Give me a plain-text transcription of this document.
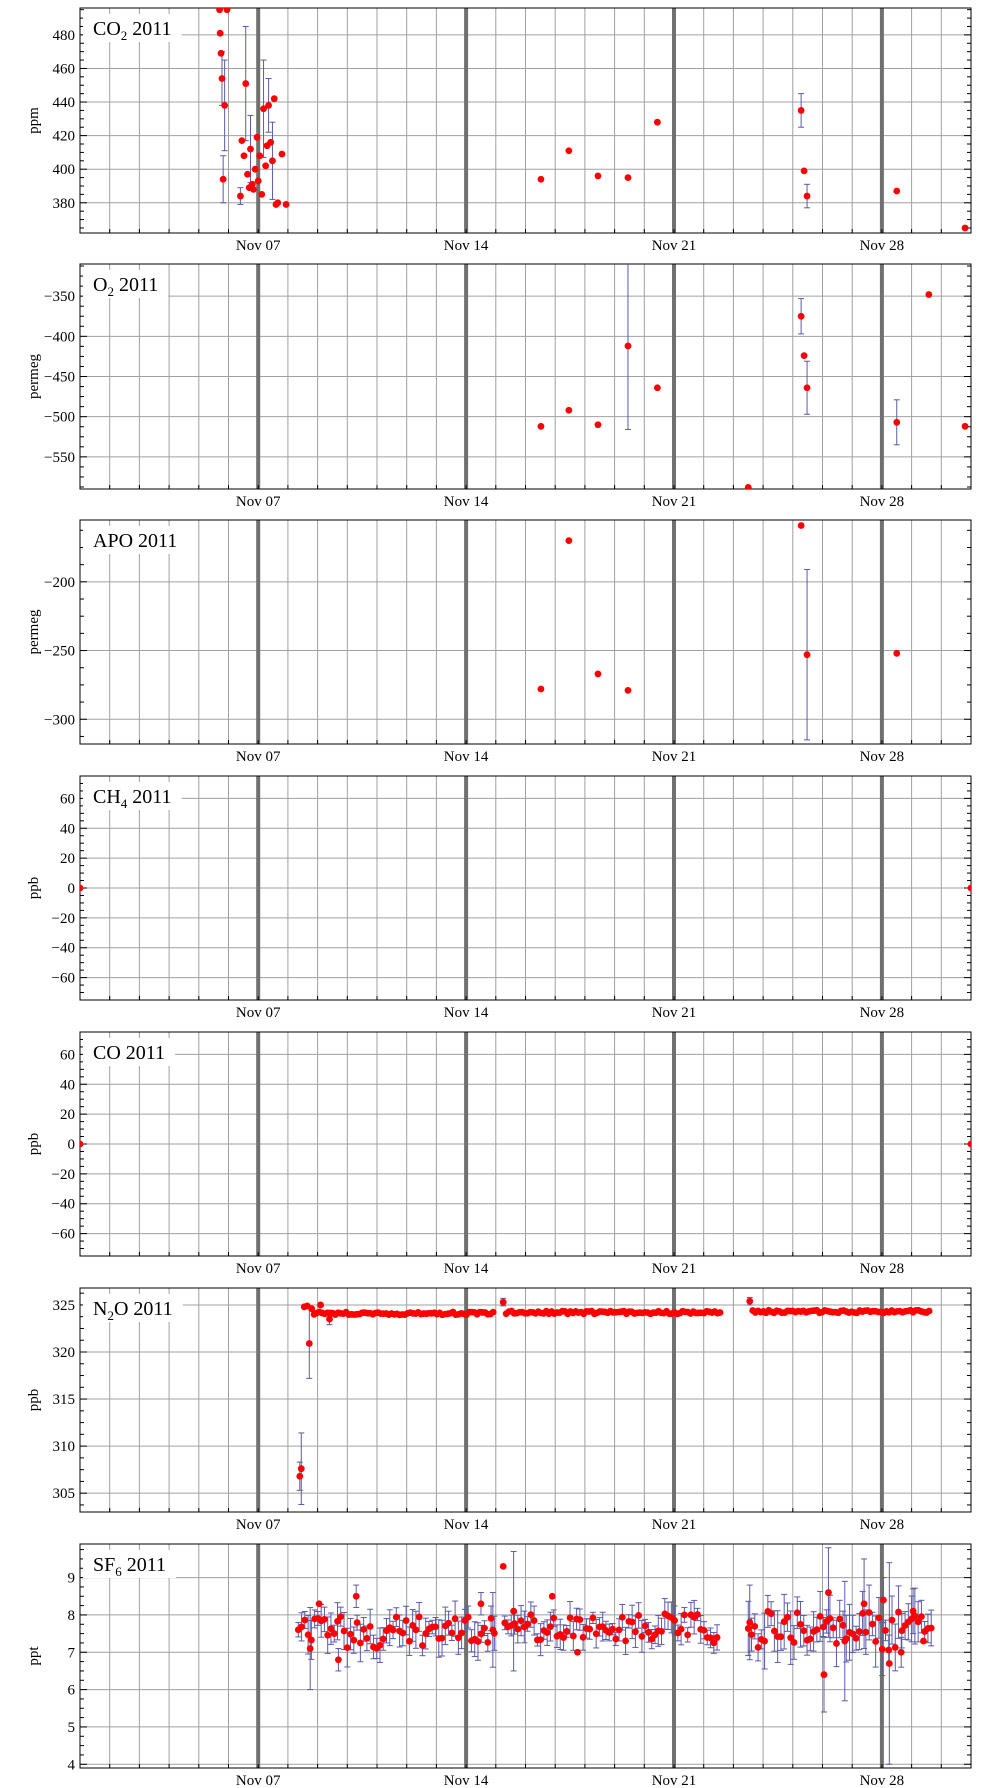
380
400
420
440
460
480
Nov 07	Nov 14	Nov 21	Nov 28
ppm
$CO_2$ 2011
−550
−500
−450
−400
−350
Nov 07	Nov 14	Nov 21	Nov 28
permeg
$O_2$ 2011
−300
−250
−200
Nov 07	Nov 14	Nov 21	Nov 28
permeg
APO 2011
−60
−40
−20
0
20
40
60
Nov 07	Nov 14	Nov 21	Nov 28
ppb
$CH_4$ 2011
−60
−40
−20
0
20
40
60
Nov 07	Nov 14	Nov 21	Nov 28
ppb
CO 2011
305
310
315
320
325
Nov 07	Nov 14	Nov 21	Nov 28
ppb
$N_2O$ 2011
4
5
6
7
8
9
Nov 07	Nov 14	Nov 21	Nov 28
ppt
$SF_6$ 2011
